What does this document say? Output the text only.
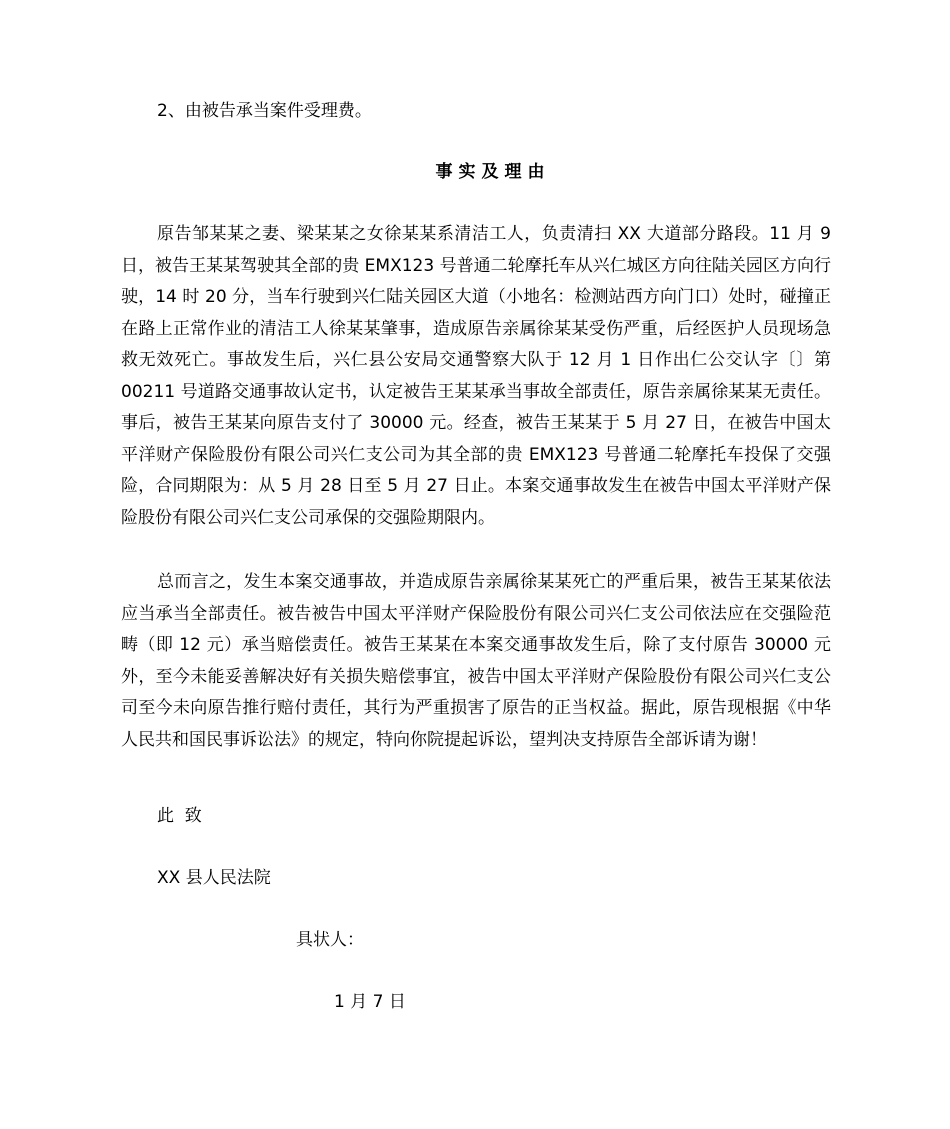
2、由被告承当案件受理费。
事实及理由
原告邹某某之妻、梁某某之女徐某某系清洁工人，负责清扫 XX 大道部分路段。11 月 9 日，被告王某某驾驶其全部的贵 EMX123 号普通二轮摩托车从兴仁城区方向往陆关园区方向行驶，14 时 20 分，当车行驶到兴仁陆关园区大道（小地名：检测站西方向门口）处时，碰撞正在路上正常作业的清洁工人徐某某肇事，造成原告亲属徐某某受伤严重，后经医护人员现场急救无效死亡。事故发生后，兴仁县公安局交通警察大队于 12 月 1 日作出仁公交认字〔〕第 00211 号道路交通事故认定书，认定被告王某某承当事故全部责任，原告亲属徐某某无责任。事后，被告王某某向原告支付了 30000 元。经查，被告王某某于 5 月 27 日，在被告中国太平洋财产保险股份有限公司兴仁支公司为其全部的贵 EMX123 号普通二轮摩托车投保了交强险，合同期限为：从 5 月 28 日至 5 月 27 日止。本案交通事故发生在被告中国太平洋财产保险股份有限公司兴仁支公司承保的交强险期限内。
总而言之，发生本案交通事故，并造成原告亲属徐某某死亡的严重后果，被告王某某依法应当承当全部责任。被告被告中国太平洋财产保险股份有限公司兴仁支公司依法应在交强险范畴（即 12 元）承当赔偿责任。被告王某某在本案交通事故发生后，除了支付原告 30000 元外，至今未能妥善解决好有关损失赔偿事宜，被告中国太平洋财产保险股份有限公司兴仁支公司至今未向原告推行赔付责任，其行为严重损害了原告的正当权益。据此，原告现根据《中华人民共和国民事诉讼法》的规定，特向你院提起诉讼，望判决支持原告全部诉请为谢！
此  致
XX 县人民法院
具状人：
1 月 7 日
